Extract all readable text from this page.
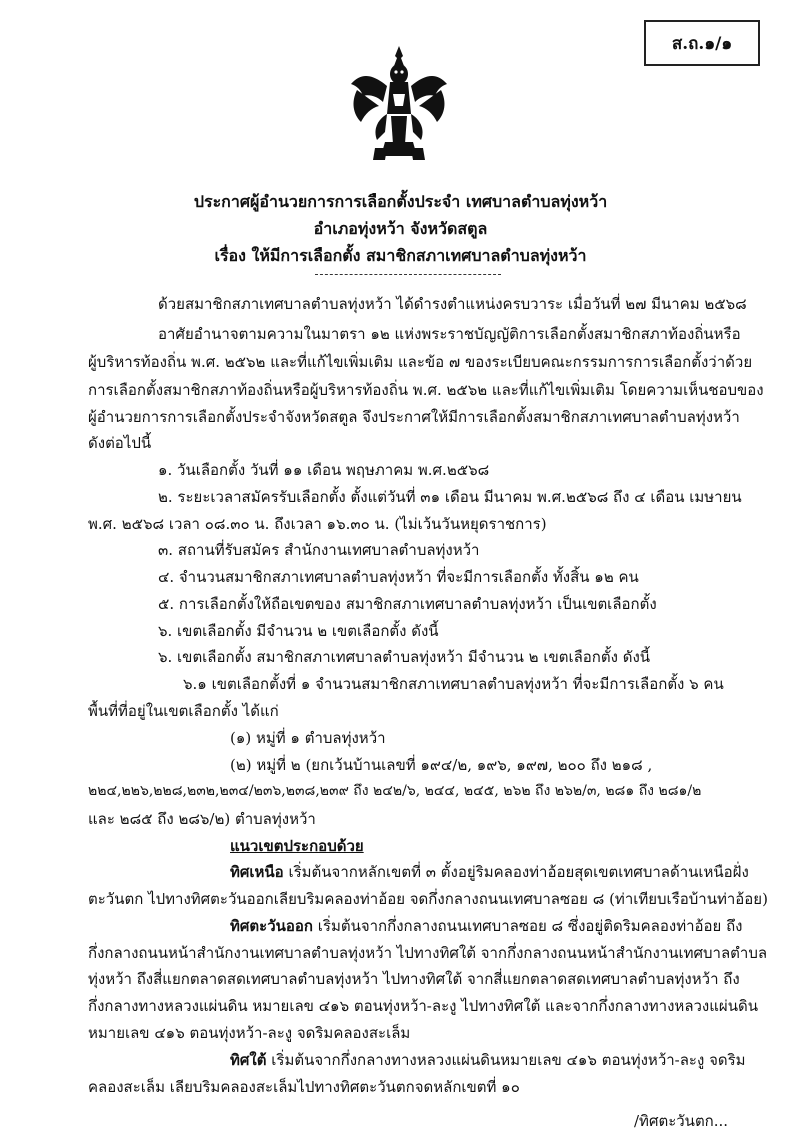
ส.ถ.๑/๑
ประกาศผู้อำนวยการการเลือกตั้งประจำ เทศบาลตำบลทุ่งหว้า
อำเภอทุ่งหว้า จังหวัดสตูล
เรื่อง ให้มีการเลือกตั้ง สมาชิกสภาเทศบาลตำบลทุ่งหว้า
ด้วยสมาชิกสภาเทศบาลตำบลทุ่งหว้า ได้ดำรงตำแหน่งครบวาระ เมื่อวันที่ ๒๗ มีนาคม ๒๕๖๘
อาศัยอำนาจตามความในมาตรา ๑๒ แห่งพระราชบัญญัติการเลือกตั้งสมาชิกสภาท้องถิ่นหรือ
ผู้บริหารท้องถิ่น พ.ศ. ๒๕๖๒ และที่แก้ไขเพิ่มเติม และข้อ ๗ ของระเบียบคณะกรรมการการเลือกตั้งว่าด้วย
การเลือกตั้งสมาชิกสภาท้องถิ่นหรือผู้บริหารท้องถิ่น พ.ศ. ๒๕๖๒ และที่แก้ไขเพิ่มเติม โดยความเห็นชอบของ
ผู้อำนวยการการเลือกตั้งประจำจังหวัดสตูล จึงประกาศให้มีการเลือกตั้งสมาชิกสภาเทศบาลตำบลทุ่งหว้า
ดังต่อไปนี้
๑. วันเลือกตั้ง วันที่ ๑๑ เดือน พฤษภาคม พ.ศ.๒๕๖๘
๒. ระยะเวลาสมัครรับเลือกตั้ง ตั้งแต่วันที่ ๓๑ เดือน มีนาคม พ.ศ.๒๕๖๘ ถึง ๔ เดือน เมษายน
พ.ศ. ๒๕๖๘ เวลา ๐๘.๓๐ น. ถึงเวลา ๑๖.๓๐ น. (ไม่เว้นวันหยุดราชการ)
๓. สถานที่รับสมัคร สำนักงานเทศบาลตำบลทุ่งหว้า
๔. จำนวนสมาชิกสภาเทศบาลตำบลทุ่งหว้า ที่จะมีการเลือกตั้ง ทั้งสิ้น ๑๒ คน
๕. การเลือกตั้งให้ถือเขตของ สมาชิกสภาเทศบาลตำบลทุ่งหว้า เป็นเขตเลือกตั้ง
๖. เขตเลือกตั้ง มีจำนวน ๒ เขตเลือกตั้ง ดังนี้
๖. เขตเลือกตั้ง สมาชิกสภาเทศบาลตำบลทุ่งหว้า มีจำนวน ๒ เขตเลือกตั้ง ดังนี้
๖.๑ เขตเลือกตั้งที่ ๑ จำนวนสมาชิกสภาเทศบาลตำบลทุ่งหว้า ที่จะมีการเลือกตั้ง ๖ คน
พื้นที่ที่อยู่ในเขตเลือกตั้ง ได้แก่
(๑) หมู่ที่ ๑ ตำบลทุ่งหว้า
(๒) หมู่ที่ ๒ (ยกเว้นบ้านเลขที่ ๑๙๔/๒, ๑๙๖, ๑๙๗, ๒๐๐ ถึง ๒๑๘ ,
๒๒๔,๒๒๖,๒๒๘,๒๓๒,๒๓๔/๒๓๖,๒๓๘,๒๓๙ ถึง ๒๔๒/๖, ๒๔๔, ๒๔๕, ๒๖๒ ถึง ๒๖๒/๓, ๒๘๑ ถึง ๒๘๑/๒
และ ๒๘๕ ถึง ๒๘๖/๒) ตำบลทุ่งหว้า
แนวเขตประกอบด้วย
ทิศเหนือ เริ่มต้นจากหลักเขตที่ ๓ ตั้งอยู่ริมคลองท่าอ้อยสุดเขตเทศบาลด้านเหนือฝั่ง
ตะวันตก ไปทางทิศตะวันออกเลียบริมคลองท่าอ้อย จดกึ่งกลางถนนเทศบาลซอย ๘ (ท่าเทียบเรือบ้านท่าอ้อย)
ทิศตะวันออก เริ่มต้นจากกึ่งกลางถนนเทศบาลซอย ๘ ซึ่งอยู่ติดริมคลองท่าอ้อย ถึง
กึ่งกลางถนนหน้าสำนักงานเทศบาลตำบลทุ่งหว้า ไปทางทิศใต้ จากกึ่งกลางถนนหน้าสำนักงานเทศบาลตำบล
ทุ่งหว้า ถึงสี่แยกตลาดสดเทศบาลตำบลทุ่งหว้า ไปทางทิศใต้ จากสี่แยกตลาดสดเทศบาลตำบลทุ่งหว้า ถึง
กึ่งกลางทางหลวงแผ่นดิน หมายเลข ๔๑๖ ตอนทุ่งหว้า-ละงู ไปทางทิศใต้ และจากกึ่งกลางทางหลวงแผ่นดิน
หมายเลข ๔๑๖ ตอนทุ่งหว้า-ละงู จดริมคลองสะเล็ม
ทิศใต้ เริ่มต้นจากกึ่งกลางทางหลวงแผ่นดินหมายเลข ๔๑๖ ตอนทุ่งหว้า-ละงู จดริม
คลองสะเล็ม เลียบริมคลองสะเล็มไปทางทิศตะวันตกจดหลักเขตที่ ๑๐
/ทิศตะวันตก...
